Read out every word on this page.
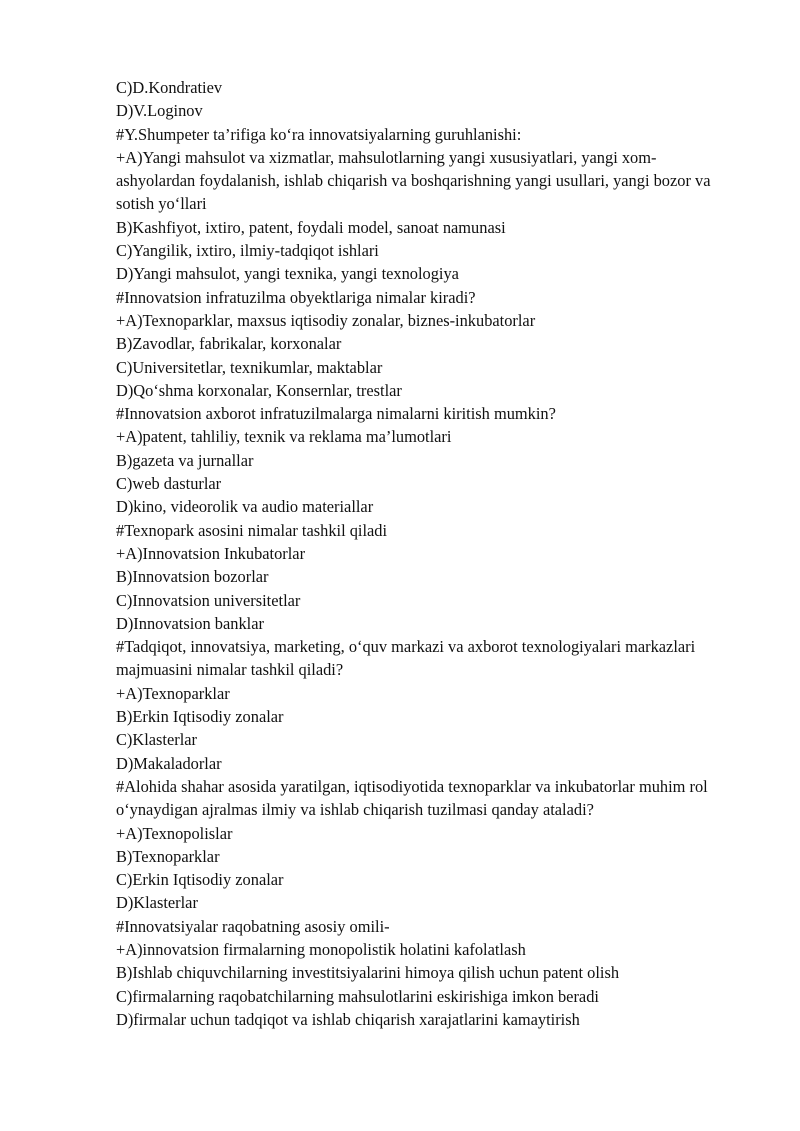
C)D.Kondratiev
D)V.Loginov
#Y.Shumpeter ta’rifiga ko‘ra innovatsiyalarning guruhlanishi:
+A)Yangi mahsulot va xizmatlar, mahsulotlarning yangi xususiyatlari, yangi xom-ashyolardan foydalanish, ishlab chiqarish va boshqarishning yangi usullari, yangi bozor va sotish yo‘llari
B)Kashfiyot, ixtiro, patent, foydali model, sanoat namunasi
C)Yangilik, ixtiro, ilmiy-tadqiqot ishlari
D)Yangi mahsulot, yangi texnika, yangi texnologiya
#Innovatsion infratuzilma obyektlariga nimalar kiradi?
+A)Texnoparklar, maxsus iqtisodiy zonalar, biznes-inkubatorlar
B)Zavodlar, fabrikalar, korxonalar
C)Universitetlar, texnikumlar, maktablar
D)Qo‘shma korxonalar, Konsernlar, trestlar
#Innovatsion axborot infratuzilmalarga nimalarni kiritish mumkin?
+A)patent, tahliliy, texnik va reklama ma’lumotlari
B)gazeta va jurnallar
C)web dasturlar
D)kino, videorolik va audio materiallar
#Texnopark asosini nimalar tashkil qiladi
+A)Innovatsion Inkubatorlar
B)Innovatsion bozorlar
C)Innovatsion universitetlar
D)Innovatsion banklar
#Tadqiqot, innovatsiya, marketing, o‘quv markazi va axborot texnologiyalari markazlari majmuasini nimalar tashkil qiladi?
+A)Texnoparklar
B)Erkin Iqtisodiy zonalar
C)Klasterlar
D)Makaladorlar
#Alohida shahar asosida yaratilgan, iqtisodiyotida texnoparklar va inkubatorlar muhim rol o‘ynaydigan ajralmas ilmiy va ishlab chiqarish tuzilmasi qanday ataladi?
+A)Texnopolislar
B)Texnoparklar
C)Erkin Iqtisodiy zonalar
D)Klasterlar
#Innovatsiyalar raqobatning asosiy omili-
+A)innovatsion firmalarning monopolistik holatini kafolatlash
B)Ishlab chiquvchilarning investitsiyalarini himoya qilish uchun patent olish
C)firmalarning raqobatchilarning mahsulotlarini eskirishiga imkon beradi
D)firmalar uchun tadqiqot va ishlab chiqarish xarajatlarini kamaytirish
